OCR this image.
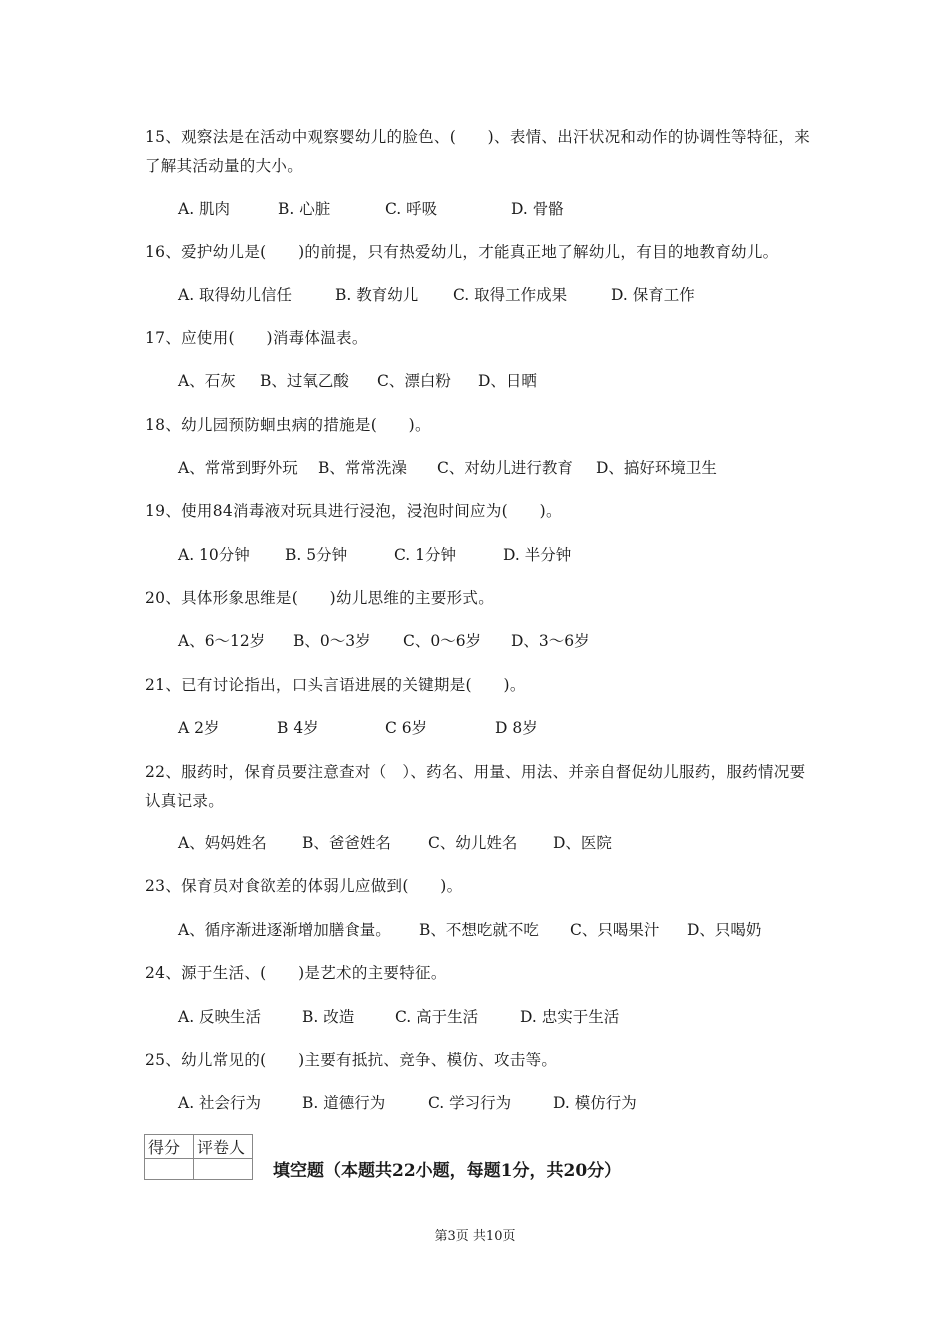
15、观察法是在活动中观察婴幼儿的脸色、(　　)、表情、出汗状况和动作的协调性等特征，来了解其活动量的大小。
A. 肌肉	B. 心脏	C. 呼吸	D. 骨骼
16、爱护幼儿是(　　)的前提，只有热爱幼儿，才能真正地了解幼儿，有目的地教育幼儿。
A. 取得幼儿信任	B. 教育幼儿 C. 取得工作成果	D. 保育工作
17、应使用(　　)消毒体温表。
A、石灰 B、过氧乙酸 C、漂白粉 D、日晒
18、幼儿园预防蛔虫病的措施是(　　)。
A、常常到野外玩 B、常常洗澡 C、对幼儿进行教育 D、搞好环境卫生
19、使用84消毒液对玩具进行浸泡，浸泡时间应为(　　)。
A. 10分钟 B. 5分钟	C. 1分钟	D. 半分钟
20、具体形象思维是(　　)幼儿思维的主要形式。
A、6～12岁 B、0～3岁 C、0～6岁 D、3～6岁
21、已有讨论指出，口头言语进展的关键期是(　　)。
A 2岁	B 4岁	C 6岁	D 8岁
22、服药时，保育员要注意查对（　）、药名、用量、用法、并亲自督促幼儿服药，服药情况要认真记录。
A、妈妈姓名 B、爸爸姓名 C、幼儿姓名 D、医院
23、保育员对食欲差的体弱儿应做到(　　)。
A、循序渐进逐渐增加膳食量。 B、不想吃就不吃 C、只喝果汁 D、只喝奶
24、源于生活、(　　)是艺术的主要特征。
A. 反映生活	B. 改造	C. 高于生活	D. 忠实于生活
25、幼儿常见的(　　)主要有抵抗、竞争、模仿、攻击等。
A. 社会行为	B. 道德行为	C. 学习行为	D. 模仿行为
得分	评卷人

填空题（本题共22小题，每题1分，共20分）
第3页 共10页
